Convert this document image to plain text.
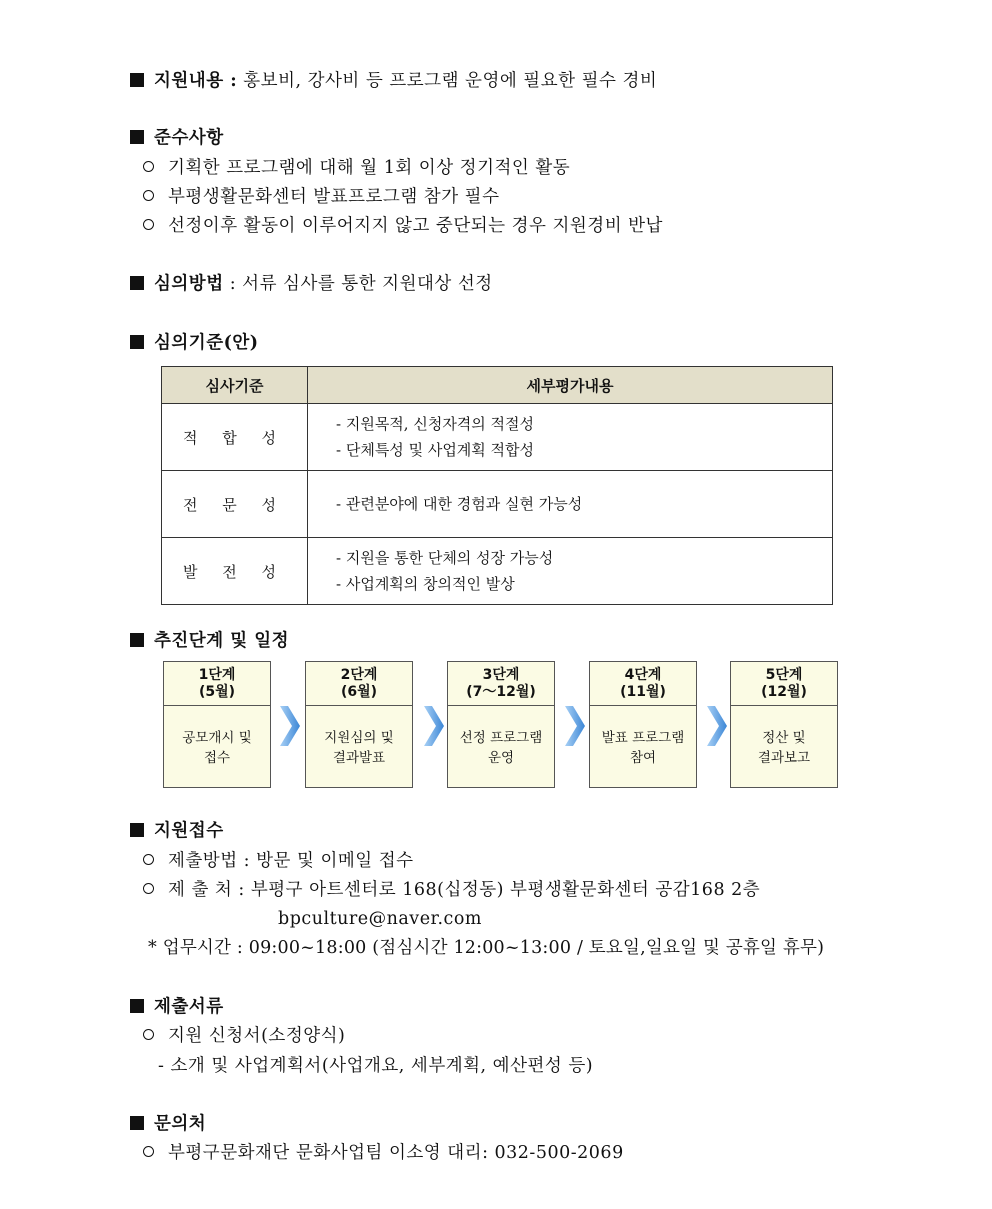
지원내용 : 홍보비, 강사비 등 프로그램 운영에 필요한 필수 경비
준수사항
기획한 프로그램에 대해 월 1회 이상 정기적인 활동
부평생활문화센터 발표프로그램 참가 필수
선정이후 활동이 이루어지지 않고 중단되는 경우 지원경비 반납
심의방법 : 서류 심사를 통한 지원대상 선정
심의기준(안)
심사기준	세부평가내용
적 합 성	- 지원목적, 신청자격의 적절성
- 단체특성 및 사업계획 적합성

전 문 성	- 관련분야에 대한 경험과 실현 가능성

발 전 성	- 지원을 통한 단체의 성장 가능성
- 사업계획의 창의적인 발상
추진단계 및 일정
1단계
(5월)
공모개시 및
접수
2단계
(6월)
지원심의 및
결과발표
3단계
(7～12월)
선정 프로그램
운영
4단계
(11월)
발표 프로그램
참여
5단계
(12월)
정산 및
결과보고
지원접수
제출방법 : 방문 및 이메일 접수
제 출 처 : 부평구 아트센터로 168(십정동) 부평생활문화센터 공감168 2층
bpculture@naver.com
* 업무시간 : 09:00~18:00 (점심시간 12:00~13:00 / 토요일,일요일 및 공휴일 휴무)
제출서류
지원 신청서(소정양식)
- 소개 및 사업계획서(사업개요, 세부계획, 예산편성 등)
문의처
부평구문화재단 문화사업팀 이소영 대리: 032-500-2069
